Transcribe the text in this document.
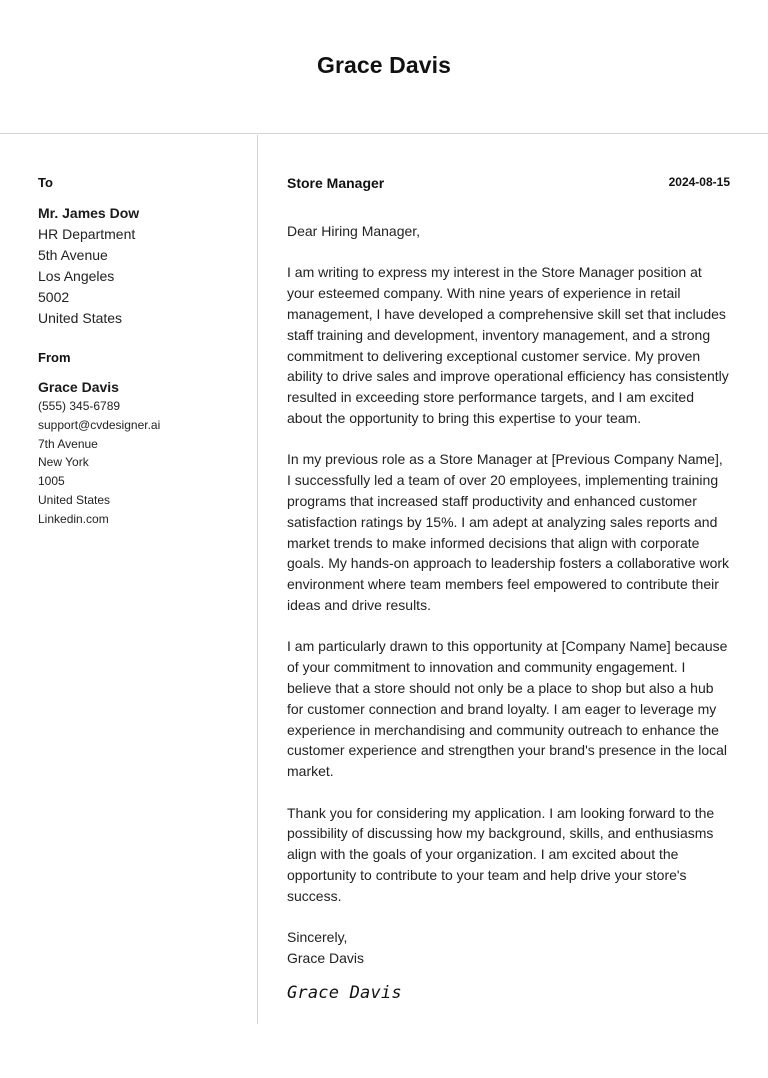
Grace Davis
To
Mr. James Dow
HR Department
5th Avenue
Los Angeles
5002
United States
From
Grace Davis
(555) 345-6789
support@cvdesigner.ai
7th Avenue
New York
1005
United States
Linkedin.com
Store Manager	2024-08-15

Dear Hiring Manager,

I am writing to express my interest in the Store Manager position at your esteemed company. With nine years of experience in retail management, I have developed a comprehensive skill set that includes staff training and development, inventory management, and a strong commitment to delivering exceptional customer service. My proven ability to drive sales and improve operational efficiency has consistently resulted in exceeding store performance targets, and I am excited about the opportunity to bring this expertise to your team.

In my previous role as a Store Manager at [Previous Company Name], I successfully led a team of over 20 employees, implementing training programs that increased staff productivity and enhanced customer satisfaction ratings by 15%. I am adept at analyzing sales reports and market trends to make informed decisions that align with corporate goals. My hands-on approach to leadership fosters a collaborative work environment where team members feel empowered to contribute their ideas and drive results.

I am particularly drawn to this opportunity at [Company Name] because of your commitment to innovation and community engagement. I believe that a store should not only be a place to shop but also a hub for customer connection and brand loyalty. I am eager to leverage my experience in merchandising and community outreach to enhance the customer experience and strengthen your brand's presence in the local market.

Thank you for considering my application. I am looking forward to the possibility of discussing how my background, skills, and enthusiasms align with the goals of your organization. I am excited about the opportunity to contribute to your team and help drive your store's success.

Sincerely,
Grace Davis
Grace Davis
